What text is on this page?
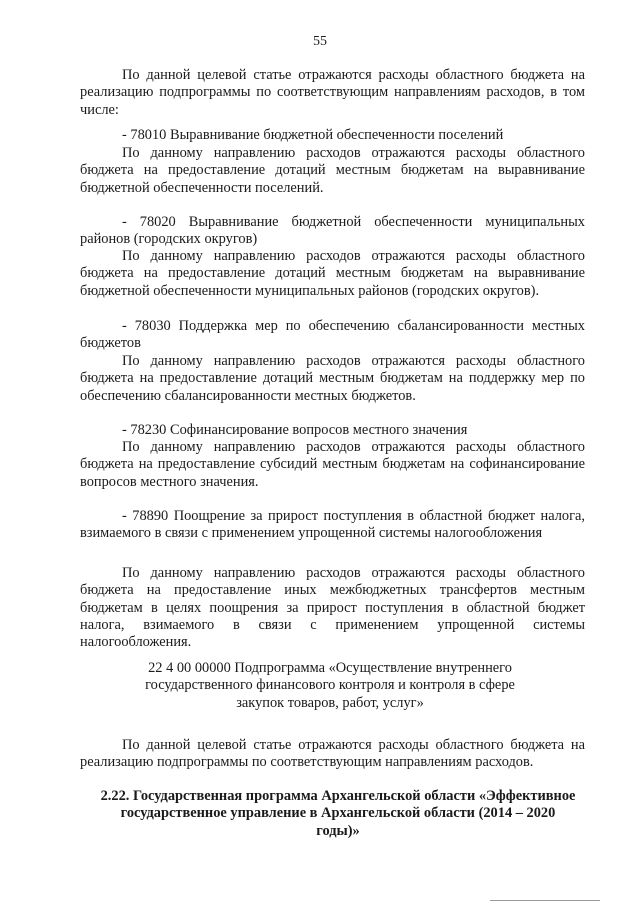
55

По данной целевой статье отражаются расходы областного бюджета на реализацию подпрограммы по соответствующим направлениям расходов, в том числе:

- 78010 Выравнивание бюджетной обеспеченности поселений

По данному направлению расходов отражаются расходы областного бюджета на предоставление дотаций местным бюджетам на выравнивание бюджетной обеспеченности поселений.

- 78020 Выравнивание бюджетной обеспеченности муниципальных районов (городских округов)

По данному направлению расходов отражаются расходы областного бюджета на предоставление дотаций местным бюджетам на выравнивание бюджетной обеспеченности муниципальных районов (городских округов).

- 78030 Поддержка мер по обеспечению сбалансированности местных бюджетов

По данному направлению расходов отражаются расходы областного бюджета на предоставление дотаций местным бюджетам на поддержку мер по обеспечению сбалансированности местных бюджетов.

- 78230 Софинансирование вопросов местного значения

По данному направлению расходов отражаются расходы областного бюджета на предоставление субсидий местным бюджетам на софинансирование вопросов местного значения.

- 78890 Поощрение за прирост поступления в областной бюджет налога, взимаемого в связи с применением упрощенной системы налогообложения

По данному направлению расходов отражаются расходы областного бюджета на предоставление иных межбюджетных трансфертов местным бюджетам в целях поощрения за прирост поступления в областной бюджет налога, взимаемого в связи с применением упрощенной системы налогообложения.

22 4 00 00000 Подпрограмма «Осуществление внутреннего государственного финансового контроля и контроля в сфере закупок товаров, работ, услуг»

По данной целевой статье отражаются расходы областного бюджета на реализацию подпрограммы по соответствующим направлениям расходов.

2.22. Государственная программа Архангельской области «Эффективное государственное управление в Архангельской области (2014 – 2020 годы)»
